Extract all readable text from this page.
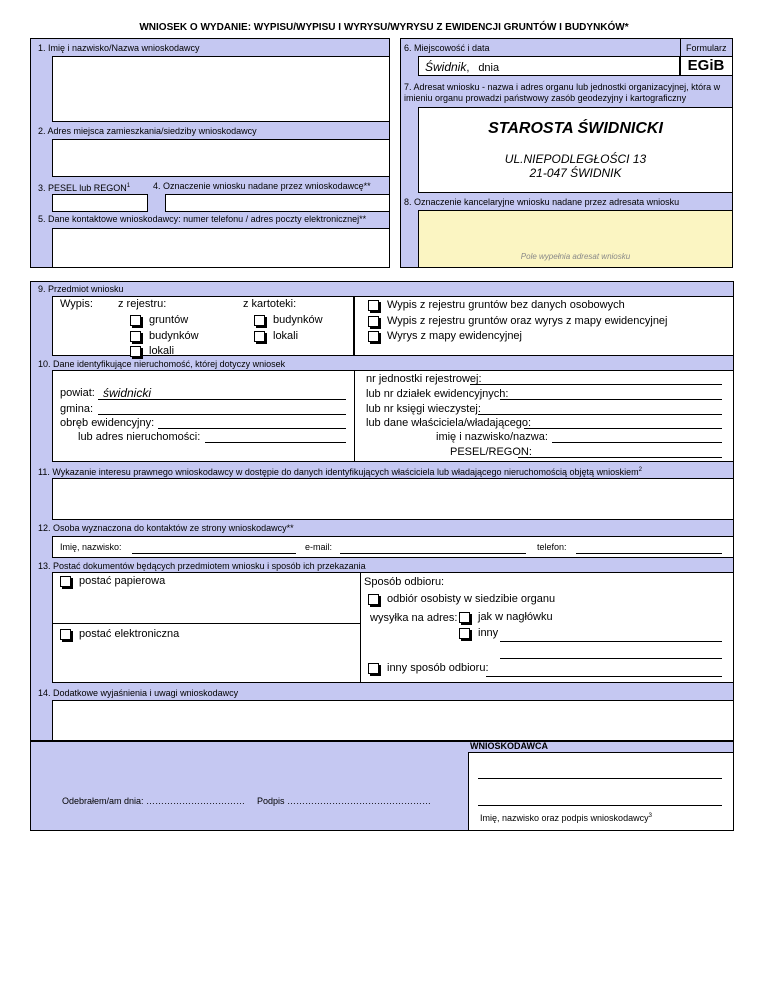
WNIOSEK O WYDANIE: WYPISU/WYPISU I WYRYSU/WYRYSU Z EWIDENCJI GRUNTÓW I BUDYNKÓW*
1. Imię i nazwisko/Nazwa wnioskodawcy
2. Adres miejsca zamieszkania/siedziby wnioskodawcy
3. PESEL lub REGON$^1$	4. Oznaczenie wniosku nadane przez wnioskodawcę**
5. Dane kontaktowe wnioskodawcy: numer telefonu / adres poczty elektronicznej**
6. Miejscowość i data	Formularz
Świdnik, dnia	EGiB
7. Adresat wniosku - nazwa i adres organu lub jednostki organizacyjnej, która w imieniu organu prowadzi państwowy zasób geodezyjny i kartograficzny
STAROSTA ŚWIDNICKI
UL.NIEPODLEGŁOŚCI 13
21-047 ŚWIDNIK
8. Oznaczenie kancelaryjne wniosku nadane przez adresata wniosku
Pole wypełnia adresat wniosku
9. Przedmiot wniosku
Wypis: z rejestru:	z kartoteki:
gruntów
budynków
lokali
budynków
lokali
Wypis z rejestru gruntów bez danych osobowych
Wypis z rejestru gruntów oraz wyrys z mapy ewidencyjnej
Wyrys z mapy ewidencyjnej
10. Dane identyfikujące nieruchomość, której dotyczy wniosek
powiat: świdnicki
gmina:
obręb ewidencyjny:
lub adres nieruchomości:
nr jednostki rejestrowej:
lub nr działek ewidencyjnych:
lub nr księgi wieczystej:
lub dane właściciela/władającego:
imię i nazwisko/nazwa:
PESEL/REGON:
11. Wykazanie interesu prawnego wnioskodawcy w dostępie do danych identyfikujących właściciela lub władającego nieruchomością objętą wnioskiem$^2$
12. Osoba wyznaczona do kontaktów ze strony wnioskodawcy**
Imię, nazwisko:	e-mail:	telefon:
13. Postać dokumentów będących przedmiotem wniosku i sposób ich przekazania
postać papierowa
postać elektroniczna
Sposób odbioru:
odbiór osobisty w siedzibie organu
wysyłka na adres: jak w nagłówku
inny
inny sposób odbioru:
14. Dodatkowe wyjaśnienia i uwagi wnioskodawcy
Odebrałem/am dnia: …………………………… Podpis …………………………………………
WNIOSKODAWCA
Imię, nazwisko oraz podpis wnioskodawcy$^3$
